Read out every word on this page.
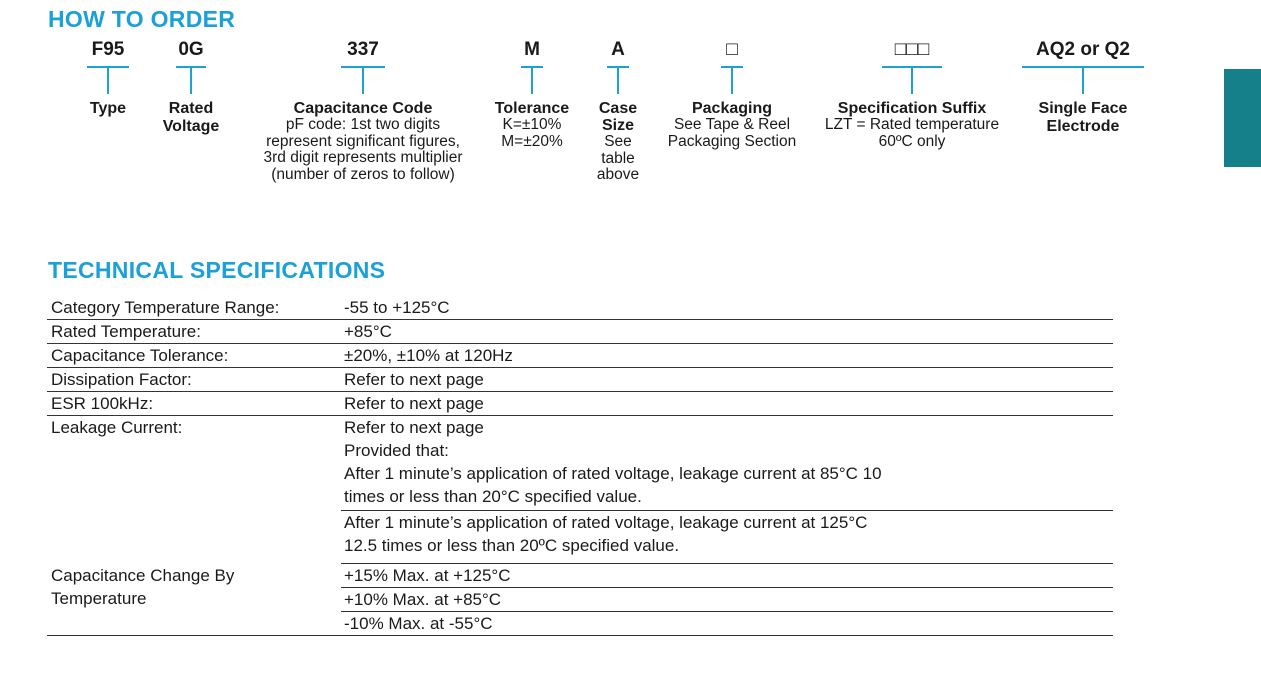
HOW TO ORDER
F95
Type
0G
Rated
Voltage
337
Capacitance Code
pF code: 1st two digits
represent significant figures,
3rd digit represents multiplier
(number of zeros to follow)
M
Tolerance
K=±10%
M=±20%
A
Case
Size
See
table
above
□
Packaging
See Tape & Reel
Packaging Section
□□□
Specification Suffix
LZT = Rated temperature
60ºC only
AQ2 or Q2
Single Face
Electrode
TECHNICAL SPECIFICATIONS
Category Temperature Range:	-55 to +125°C
Rated Temperature:	+85°C
Capacitance Tolerance:	±20%, ±10% at 120Hz
Dissipation Factor:	Refer to next page
ESR 100kHz:	Refer to next page
Leakage Current:	Refer to next page
Provided that:
After 1 minute’s application of rated voltage, leakage current at 85°C 10
times or less than 20°C specified value.
After 1 minute’s application of rated voltage, leakage current at 125°C
12.5 times or less than 20ºC specified value.
Capacitance Change By
Temperature
+15% Max. at +125°C
+10% Max. at +85°C
-10% Max. at -55°C
